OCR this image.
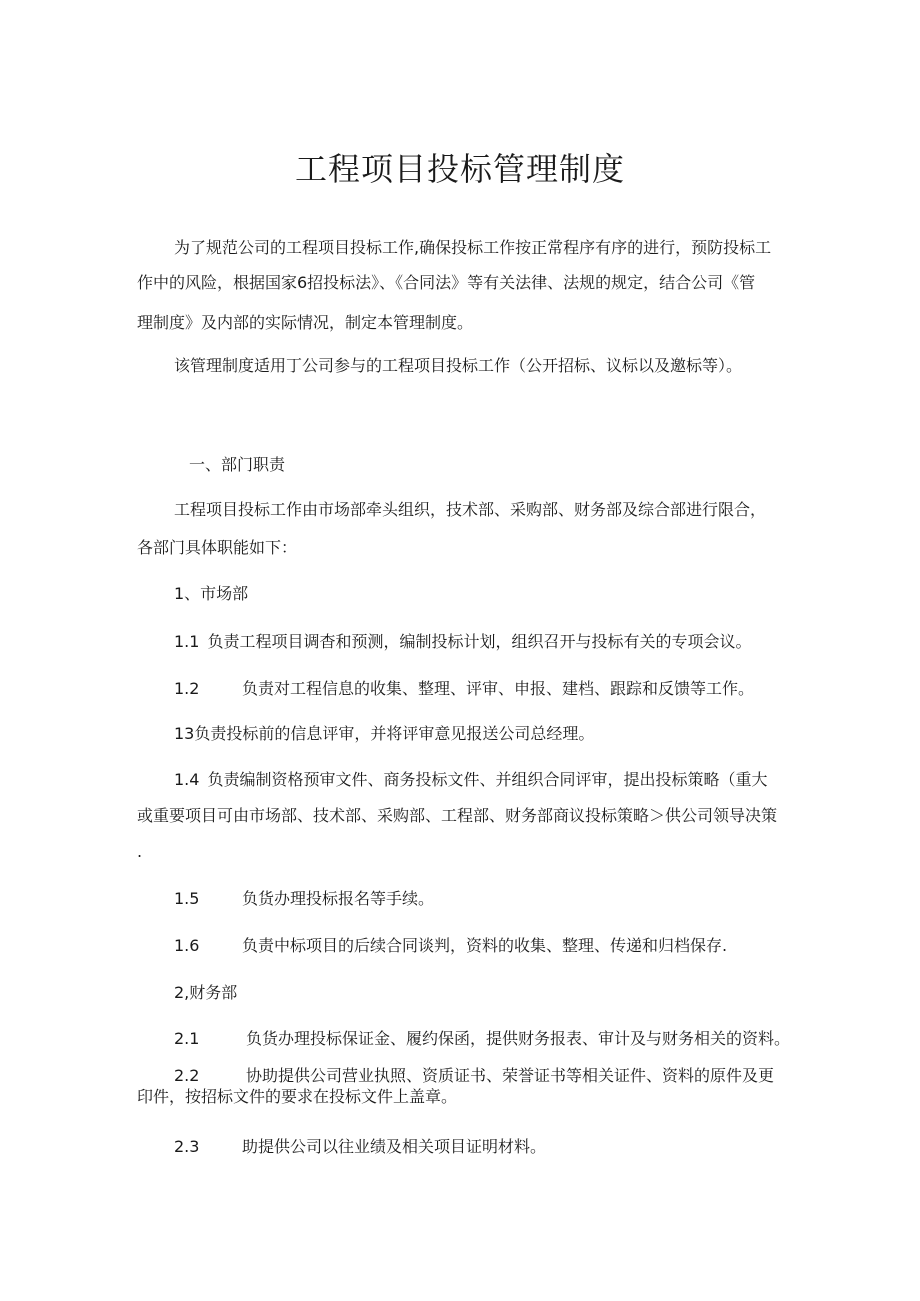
工程项目投标管理制度
为了规范公司的工程项目投标工作,确保投标工作按正常程序有序的进行，预防投标工
作中的风险，根据国家6招投标法》、《合同法》等有关法律、法规的规定，结合公司《管
理制度》及内部的实际情况，制定本管理制度。
该管理制度适用丁公司参与的工程项目投标工作（公开招标、议标以及邀标等）。
一、部门职责
工程项目投标工作由市场部牵头组织，技术部、采购部、财务部及综合部进行限合，
各部门具体职能如下：
1、市场部
1.1 负责工程项目调杳和预测，编制投标计划，组织召开与投标有关的专项会议。
1.2	负责对工程信息的收集、整理、评审、申报、建档、跟踪和反馈等工作。
13负责投标前的信息评审，并将评审意见报送公司总经理。
1.4 负责编制资格预审文件、商务投标文件、并组织合同评审，提出投标策略（重大
或重要项目可由市场部、技术部、采购部、工程部、财务部商议投标策略＞供公司领导决策
.
1.5	负货办理投标报名等手续。
1.6	负责中标项目的后续合同谈判，资料的收集、整理、传递和归档保存.
2,财务部
2.1	负货办理投标保证金、履约保函，提供财务报表、审计及与财务相关的资料。
2.2	协助提供公司营业执照、资质证书、荣誉证书等相关证件、资料的原件及更
印件，按招标文件的要求在投标文件上盖章。
2.3	助提供公司以往业绩及相关项目证明材料。
